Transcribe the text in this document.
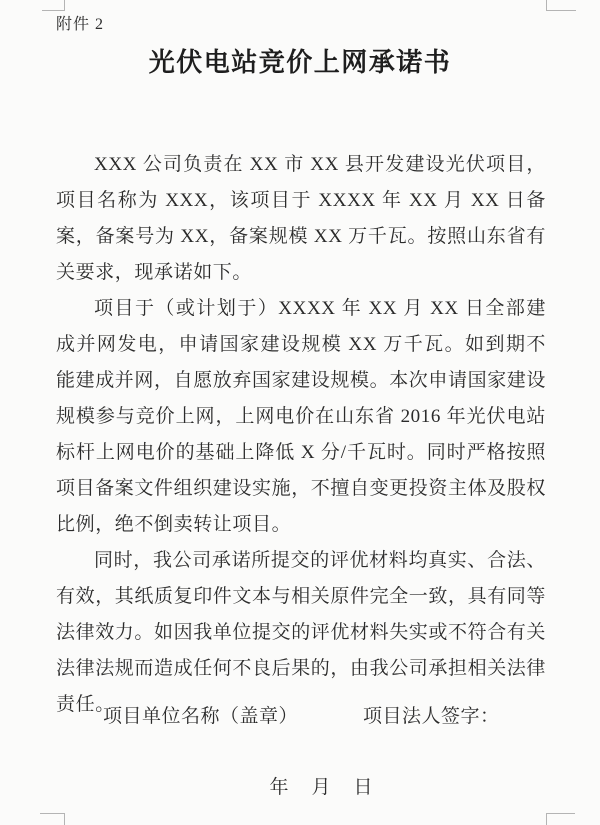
附件 2
光伏电站竞价上网承诺书

XXX 公司负责在 XX 市 XX 县开发建设光伏项目，项目名称为 XXX，该项目于 XXXX 年 XX 月 XX 日备案，备案号为 XX，备案规模 XX 万千瓦。按照山东省有关要求，现承诺如下。

项目于（或计划于）XXXX 年 XX 月 XX 日全部建成并网发电，申请国家建设规模 XX 万千瓦。如到期不能建成并网，自愿放弃国家建设规模。本次申请国家建设规模参与竞价上网，上网电价在山东省 2016 年光伏电站标杆上网电价的基础上降低 X 分/千瓦时。同时严格按照项目备案文件组织建设实施，不擅自变更投资主体及股权比例，绝不倒卖转让项目。

同时，我公司承诺所提交的评优材料均真实、合法、有效，其纸质复印件文本与相关原件完全一致，具有同等法律效力。如因我单位提交的评优材料失实或不符合有关法律法规而造成任何不良后果的，由我公司承担相关法律责任。

项目单位名称（盖章）	项目法人签字：
年　月　日
